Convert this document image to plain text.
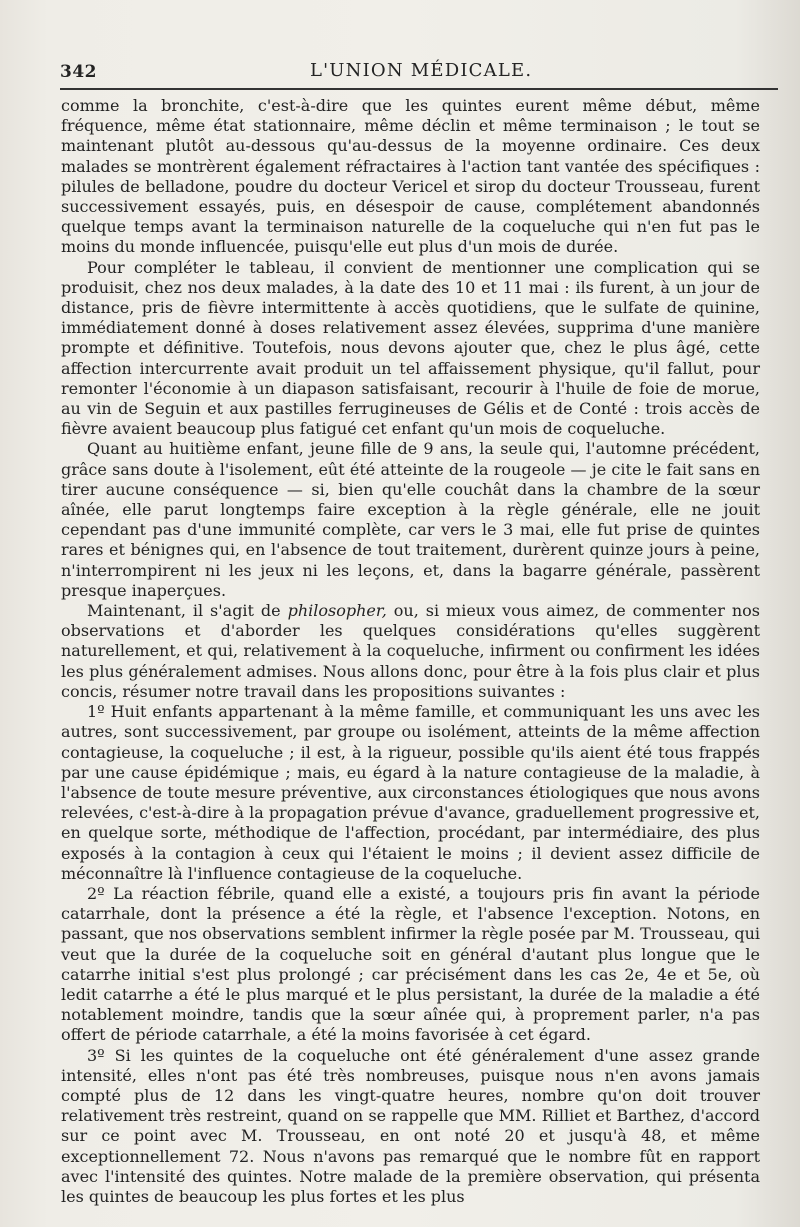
342	L'UNION MÉDICALE.

comme la bronchite, c'est-à-dire que les quintes eurent même début, même fréquence, même état stationnaire, même déclin et même terminaison ; le tout se maintenant plutôt au-dessous qu'au-dessus de la moyenne ordinaire. Ces deux malades se montrèrent également réfractaires à l'action tant vantée des spécifiques : pilules de belladone, poudre du docteur Vericel et sirop du docteur Trousseau, furent successivement essayés, puis, en désespoir de cause, complétement abandonnés quelque temps avant la terminaison naturelle de la coqueluche qui n'en fut pas le moins du monde influencée, puisqu'elle eut plus d'un mois de durée.

Pour compléter le tableau, il convient de mentionner une complication qui se produisit, chez nos deux malades, à la date des 10 et 11 mai : ils furent, à un jour de distance, pris de fièvre intermittente à accès quotidiens, que le sulfate de quinine, immédiatement donné à doses relativement assez élevées, supprima d'une manière prompte et définitive. Toutefois, nous devons ajouter que, chez le plus âgé, cette affection intercurrente avait produit un tel affaissement physique, qu'il fallut, pour remonter l'économie à un diapason satisfaisant, recourir à l'huile de foie de morue, au vin de Seguin et aux pastilles ferrugineuses de Gélis et de Conté : trois accès de fièvre avaient beaucoup plus fatigué cet enfant qu'un mois de coqueluche.

Quant au huitième enfant, jeune fille de 9 ans, la seule qui, l'automne précédent, grâce sans doute à l'isolement, eût été atteinte de la rougeole — je cite le fait sans en tirer aucune conséquence — si, bien qu'elle couchât dans la chambre de la sœur aînée, elle parut longtemps faire exception à la règle générale, elle ne jouit cependant pas d'une immunité complète, car vers le 3 mai, elle fut prise de quintes rares et bénignes qui, en l'absence de tout traitement, durèrent quinze jours à peine, n'interrompirent ni les jeux ni les leçons, et, dans la bagarre générale, passèrent presque inaperçues.

Maintenant, il s'agit de philosopher, ou, si mieux vous aimez, de commenter nos observations et d'aborder les quelques considérations qu'elles suggèrent naturellement, et qui, relativement à la coqueluche, infirment ou confirment les idées les plus généralement admises. Nous allons donc, pour être à la fois plus clair et plus concis, résumer notre travail dans les propositions suivantes :

1º Huit enfants appartenant à la même famille, et communiquant les uns avec les autres, sont successivement, par groupe ou isolément, atteints de la même affection contagieuse, la coqueluche ; il est, à la rigueur, possible qu'ils aient été tous frappés par une cause épidémique ; mais, eu égard à la nature contagieuse de la maladie, à l'absence de toute mesure préventive, aux circonstances étiologiques que nous avons relevées, c'est-à-dire à la propagation prévue d'avance, graduellement progressive et, en quelque sorte, méthodique de l'affection, procédant, par intermédiaire, des plus exposés à la contagion à ceux qui l'étaient le moins ; il devient assez difficile de méconnaître là l'influence contagieuse de la coqueluche.

2º La réaction fébrile, quand elle a existé, a toujours pris fin avant la période catarrhale, dont la présence a été la règle, et l'absence l'exception. Notons, en passant, que nos observations semblent infirmer la règle posée par M. Trousseau, qui veut que la durée de la coqueluche soit en général d'autant plus longue que le catarrhe initial s'est plus prolongé ; car précisément dans les cas 2e, 4e et 5e, où ledit catarrhe a été le plus marqué et le plus persistant, la durée de la maladie a été notablement moindre, tandis que la sœur aînée qui, à proprement parler, n'a pas offert de période catarrhale, a été la moins favorisée à cet égard.

3º Si les quintes de la coqueluche ont été généralement d'une assez grande intensité, elles n'ont pas été très nombreuses, puisque nous n'en avons jamais compté plus de 12 dans les vingt-quatre heures, nombre qu'on doit trouver relativement très restreint, quand on se rappelle que MM. Rilliet et Barthez, d'accord sur ce point avec M. Trousseau, en ont noté 20 et jusqu'à 48, et même exceptionnellement 72. Nous n'avons pas remarqué que le nombre fût en rapport avec l'intensité des quintes. Notre malade de la première observation, qui présenta les quintes de beaucoup les plus fortes et les plus
